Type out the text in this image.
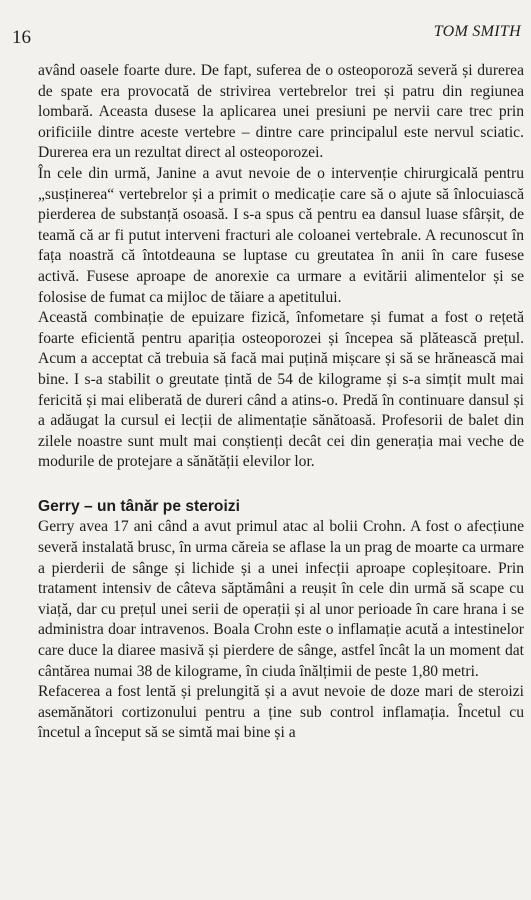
16	TOM SMITH

având oasele foarte dure. De fapt, suferea de o osteoporoză severă și durerea de spate era provocată de strivirea vertebrelor trei și patru din regiunea lombară. Aceasta dusese la aplicarea unei presiuni pe nervii care trec prin orificiile dintre aceste vertebre – dintre care principalul este nervul sciatic. Durerea era un rezultat direct al osteoporozei.

În cele din urmă, Janine a avut nevoie de o intervenție chirurgicală pentru „susținerea“ vertebrelor și a primit o medicație care să o ajute să înlocuiască pierderea de substanță osoasă. I s-a spus că pentru ea dansul luase sfârșit, de teamă că ar fi putut interveni fracturi ale coloanei vertebrale. A recunoscut în fața noastră că întotdeauna se luptase cu greutatea în anii în care fusese activă. Fusese aproape de anorexie ca urmare a evitării alimentelor și se folosise de fumat ca mijloc de tăiare a apetitului.

Această combinație de epuizare fizică, înfometare și fumat a fost o rețetă foarte eficientă pentru apariția osteoporozei și începea să plătească prețul. Acum a acceptat că trebuia să facă mai puțină mișcare și să se hrănească mai bine. I s-a stabilit o greutate țintă de 54 de kilograme și s-a simțit mult mai fericită și mai eliberată de dureri când a atins-o. Predă în continuare dansul și a adăugat la cursul ei lecții de alimentație sănătoasă. Profesorii de balet din zilele noastre sunt mult mai conștienți decât cei din generația mai veche de modurile de protejare a sănătății elevilor lor.

Gerry – un tânăr pe steroizi

Gerry avea 17 ani când a avut primul atac al bolii Crohn. A fost o afecțiune severă instalată brusc, în urma căreia se aflase la un prag de moarte ca urmare a pierderii de sânge și lichide și a unei infecții aproape copleșitoare. Prin tratament intensiv de câteva săptămâni a reușit în cele din urmă să scape cu viață, dar cu prețul unei serii de operații și al unor perioade în care hrana i se administra doar intravenos. Boala Crohn este o inflamație acută a intestinelor care duce la diaree masivă și pierdere de sânge, astfel încât la un moment dat cântărea numai 38 de kilograme, în ciuda înălțimii de peste 1,80 metri.

Refacerea a fost lentă și prelungită și a avut nevoie de doze mari de steroizi asemănători cortizonului pentru a ține sub control inflamația. Încetul cu încetul a început să se simtă mai bine și a
